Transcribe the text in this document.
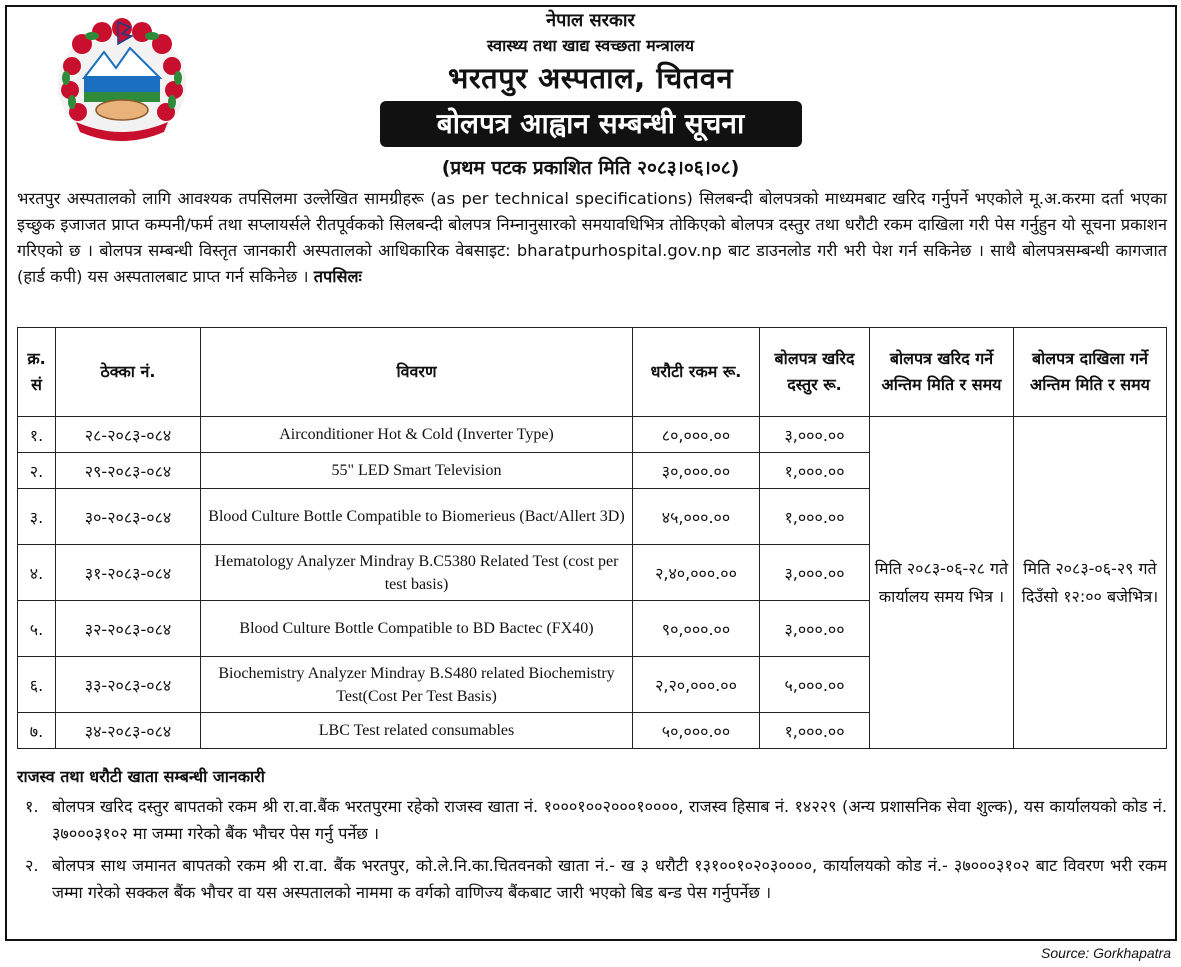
नेपाल सरकार
स्वास्थ्य तथा खाद्य स्वच्छता मन्त्रालय
भरतपुर अस्पताल, चितवन
बोलपत्र आह्वान सम्बन्धी सूचना
(प्रथम पटक प्रकाशित मिति २०८३।०६।०८)
भरतपुर अस्पतालको लागि आवश्यक तपसिलमा उल्लेखित सामग्रीहरू (as per technical specifications) सिलबन्दी बोलपत्रको माध्यमबाट खरिद गर्नुपर्ने भएकोले मू.अ.करमा दर्ता भएका इच्छुक इजाजत प्राप्त कम्पनी/फर्म तथा सप्लायर्सले रीतपूर्वकको सिलबन्दी बोलपत्र निम्नानुसारको समयावधिभित्र तोकिएको बोलपत्र दस्तुर तथा धरौटी रकम दाखिला गरी पेस गर्नुहुन यो सूचना प्रकाशन गरिएको छ । बोलपत्र सम्बन्धी विस्तृत जानकारी अस्पतालको आधिकारिक वेबसाइट: bharatpurhospital.gov.np बाट डाउनलोड गरी भरी पेश गर्न सकिनेछ । साथै बोलपत्रसम्बन्धी कागजात (हार्ड कपी) यस अस्पतालबाट प्राप्त गर्न सकिनेछ । तपसिलः
क्र. सं	ठेक्का नं.	विवरण	धरौटी रकम रू.	बोलपत्र खरिद दस्तुर रू.	बोलपत्र खरिद गर्ने अन्तिम मिति र समय	बोलपत्र दाखिला गर्ने अन्तिम मिति र समय
१.	२८-२०८३-०८४	Airconditioner Hot & Cold (Inverter Type)	८०,०००.००	३,०००.००	मिति २०८३-०६-२८ गते कार्यालय समय भित्र ।	मिति २०८३-०६-२९ गते दिउँसो १२:०० बजेभित्र।
२.	२९-२०८३-०८४	55" LED Smart Television	३०,०००.००	१,०००.००		
३.	३०-२०८३-०८४	Blood Culture Bottle Compatible to Biomerieus (Bact/Allert 3D)	४५,०००.००	१,०००.००		
४.	३१-२०८३-०८४	Hematology Analyzer Mindray B.C5380 Related Test (cost per test basis)	२,४०,०००.००	३,०००.००		
५.	३२-२०८३-०८४	Blood Culture Bottle Compatible to BD Bactec (FX40)	९०,०००.००	३,०००.००		
६.	३३-२०८३-०८४	Biochemistry Analyzer Mindray B.S480 related Biochemistry Test(Cost Per Test Basis)	२,२०,०००.००	५,०००.००		
७.	३४-२०८३-०८४	LBC Test related consumables	५०,०००.००	१,०००.००		
राजस्व तथा धरौटी खाता सम्बन्धी जानकारी
१. बोलपत्र खरिद दस्तुर बापतको रकम श्री रा.वा.बैंक भरतपुरमा रहेको राजस्व खाता नं. १०००१००२०००१००००, राजस्व हिसाब नं. १४२२९ (अन्य प्रशासनिक सेवा शुल्क), यस कार्यालयको कोड नं. ३७०००३१०२ मा जम्मा गरेको बैंक भौचर पेस गर्नु पर्नेछ ।
२. बोलपत्र साथ जमानत बापतको रकम श्री रा.वा. बैंक भरतपुर, को.ले.नि.का.चितवनको खाता नं.- ख ३ धरौटी १३१००१०२०३००००, कार्यालयको कोड नं.- ३७०००३१०२ बाट विवरण भरी रकम जम्मा गरेको सक्कल बैंक भौचर वा यस अस्पतालको नाममा क वर्गको वाणिज्य बैंकबाट जारी भएको बिड बन्ड पेस गर्नुपर्नेछ ।
Source: Gorkhapatra
